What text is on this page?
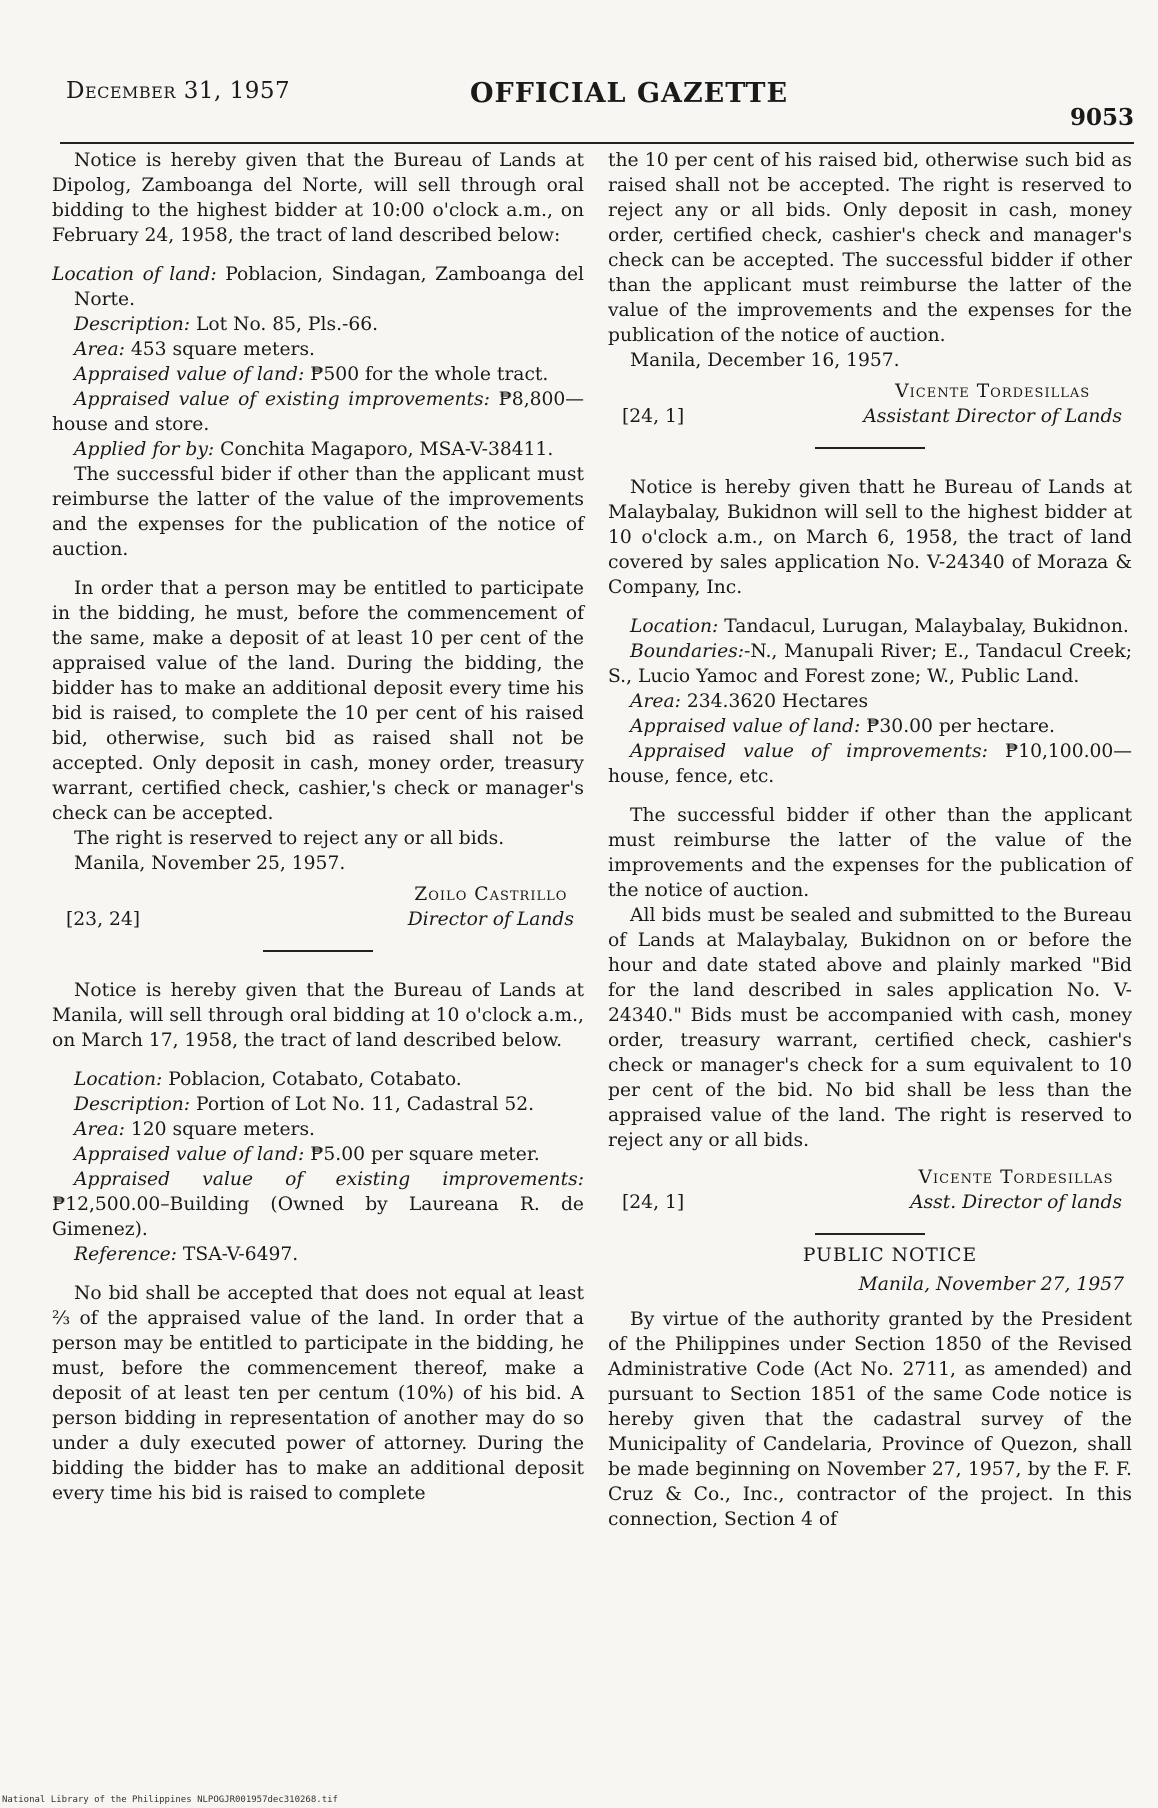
December 31, 1957	OFFICIAL GAZETTE
9053

Notice is hereby given that the Bureau of Lands at Dipolog, Zamboanga del Norte, will sell through oral bidding to the highest bidder at 10:00 o'clock a.m., on February 24, 1958, the tract of land described below:

Location of land: Poblacion, Sindagan, Zamboanga del Norte.

Description: Lot No. 85, Pls.-66.

Area: 453 square meters.

Appraised value of land: ₱500 for the whole tract.

Appraised value of existing improvements: ₱8,800—house and store.

Applied for by: Conchita Magaporo, MSA-V-38411.

The successful bider if other than the applicant must reimburse the latter of the value of the improvements and the expenses for the publication of the notice of auction.

In order that a person may be entitled to participate in the bidding, he must, before the commencement of the same, make a deposit of at least 10 per cent of the appraised value of the land. During the bidding, the bidder has to make an additional deposit every time his bid is raised, to complete the 10 per cent of his raised bid, otherwise, such bid as raised shall not be accepted. Only deposit in cash, money order, treasury warrant, certified check, cashier,'s check or manager's check can be accepted.

The right is reserved to reject any or all bids.

Manila, November 25, 1957.

[23, 24]
Zoilo Castrillo
Director of Lands

Notice is hereby given that the Bureau of Lands at Manila, will sell through oral bidding at 10 o'clock a.m., on March 17, 1958, the tract of land described below.

Location: Poblacion, Cotabato, Cotabato.

Description: Portion of Lot No. 11, Cadastral 52.

Area: 120 square meters.

Appraised value of land: ₱5.00 per square meter.

Appraised value of existing improvements: ₱12,500.00–Building (Owned by Laureana R. de Gimenez).

Reference: TSA-V-6497.

No bid shall be accepted that does not equal at least ⅔ of the appraised value of the land. In order that a person may be entitled to participate in the bidding, he must, before the commencement thereof, make a deposit of at least ten per centum (10%) of his bid. A person bidding in representation of another may do so under a duly executed power of attorney. During the bidding the bidder has to make an additional deposit every time his bid is raised to complete

the 10 per cent of his raised bid, otherwise such bid as raised shall not be accepted. The right is reserved to reject any or all bids. Only deposit in cash, money order, certified check, cashier's check and manager's check can be accepted. The successful bidder if other than the applicant must reimburse the latter of the value of the improvements and the expenses for the publication of the notice of auction.

Manila, December 16, 1957.

[24, 1]
Vicente Tordesillas
Assistant Director of Lands

Notice is hereby given thatt he Bureau of Lands at Malaybalay, Bukidnon will sell to the highest bidder at 10 o'clock a.m., on March 6, 1958, the tract of land covered by sales application No. V-24340 of Moraza & Company, Inc.

Location: Tandacul, Lurugan, Malaybalay, Bukidnon.

Boundaries:-N., Manupali River; E., Tandacul Creek; S., Lucio Yamoc and Forest zone; W., Public Land.

Area: 234.3620 Hectares

Appraised value of land: ₱30.00 per hectare.

Appraised value of improvements: ₱10,100.00—house, fence, etc.

The successful bidder if other than the applicant must reimburse the latter of the value of the improvements and the expenses for the publication of the notice of auction.

All bids must be sealed and submitted to the Bureau of Lands at Malaybalay, Bukidnon on or before the hour and date stated above and plainly marked "Bid for the land described in sales application No. V-24340." Bids must be accompanied with cash, money order, treasury warrant, certified check, cashier's check or manager's check for a sum equivalent to 10 per cent of the bid. No bid shall be less than the appraised value of the land. The right is reserved to reject any or all bids.

[24, 1]
Vicente Tordesillas
Asst. Director of lands

PUBLIC NOTICE

Manila, November 27, 1957

By virtue of the authority granted by the President of the Philippines under Section 1850 of the Revised Administrative Code (Act No. 2711, as amended) and pursuant to Section 1851 of the same Code notice is hereby given that the cadastral survey of the Municipality of Candelaria, Province of Quezon, shall be made beginning on November 27, 1957, by the F. F. Cruz & Co., Inc., contractor of the project. In this connection, Section 4 of

National Library of the Philippines NLPOGJR001957dec310268.tif
